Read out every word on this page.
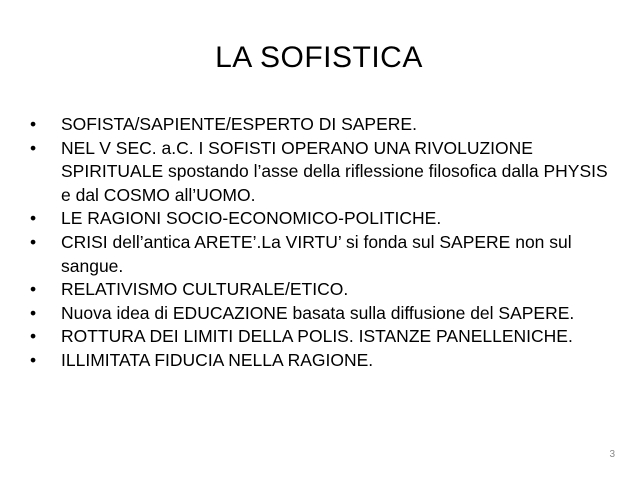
LA SOFISTICA
• SOFISTA/SAPIENTE/ESPERTO DI SAPERE.
• NEL V SEC. a.C. I SOFISTI OPERANO UNA RIVOLUZIONE SPIRITUALE spostando l’asse della riflessione filosofica dalla PHYSIS e dal COSMO all’UOMO.
• LE RAGIONI SOCIO-ECONOMICO-POLITICHE.
• CRISI dell’antica ARETE’.La VIRTU’ si fonda sul SAPERE non sul sangue.
• RELATIVISMO CULTURALE/ETICO.
• Nuova idea di EDUCAZIONE basata sulla diffusione del SAPERE.
• ROTTURA DEI LIMITI DELLA POLIS. ISTANZE PANELLENICHE.
• ILLIMITATA FIDUCIA NELLA RAGIONE.
3
